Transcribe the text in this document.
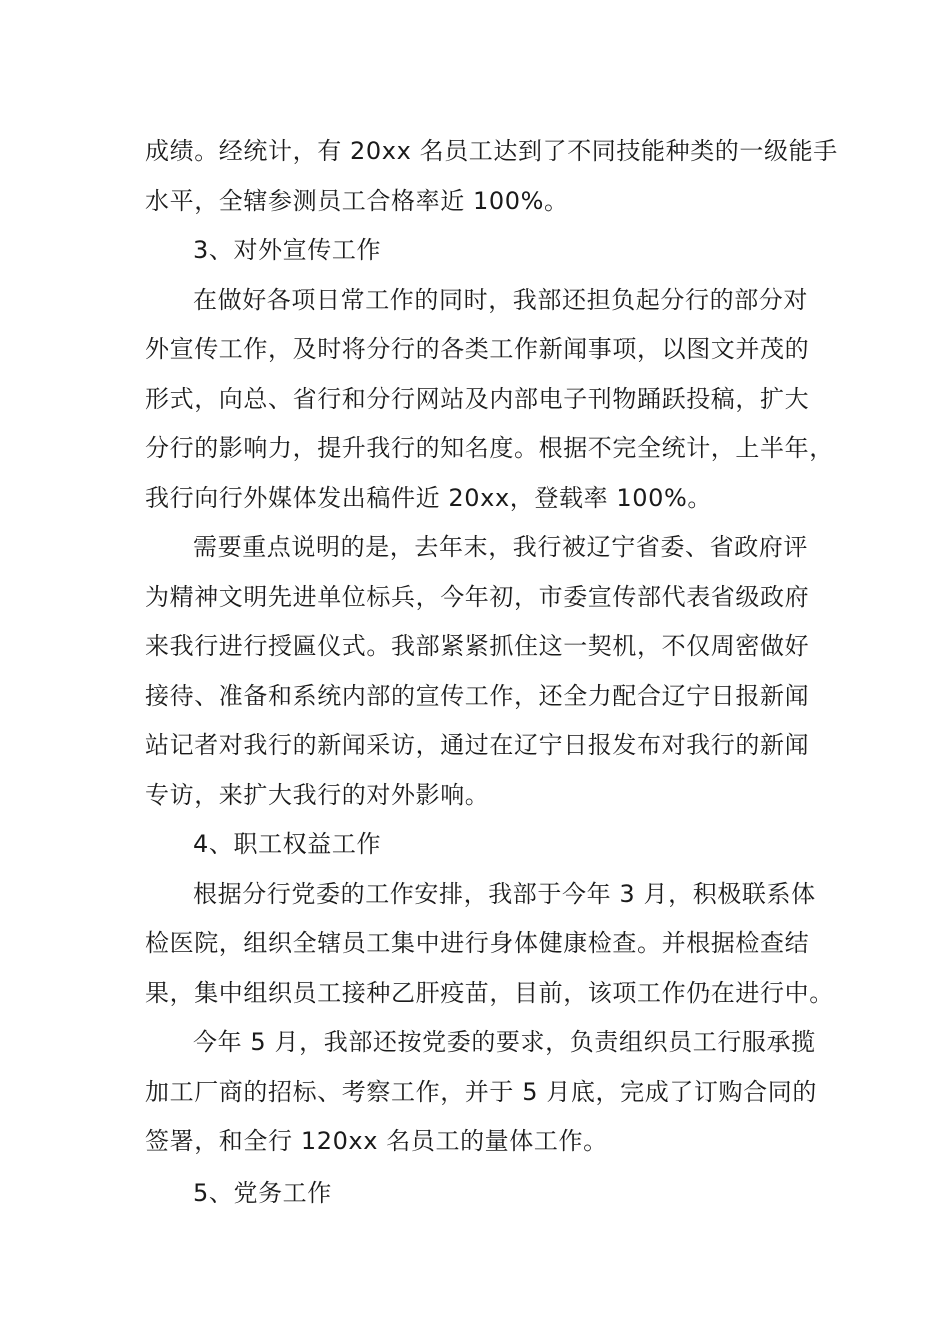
成绩。经统计，有 20xx 名员工达到了不同技能种类的一级能手
水平，全辖参测员工合格率近 100%。
3、对外宣传工作
在做好各项日常工作的同时，我部还担负起分行的部分对
外宣传工作，及时将分行的各类工作新闻事项，以图文并茂的
形式，向总、省行和分行网站及内部电子刊物踊跃投稿，扩大
分行的影响力，提升我行的知名度。根据不完全统计，上半年，
我行向行外媒体发出稿件近 20xx，登载率 100%。
需要重点说明的是，去年末，我行被辽宁省委、省政府评
为精神文明先进单位标兵，今年初，市委宣传部代表省级政府
来我行进行授匾仪式。我部紧紧抓住这一契机，不仅周密做好
接待、准备和系统内部的宣传工作，还全力配合辽宁日报新闻
站记者对我行的新闻采访，通过在辽宁日报发布对我行的新闻
专访，来扩大我行的对外影响。
4、职工权益工作
根据分行党委的工作安排，我部于今年 3 月，积极联系体
检医院，组织全辖员工集中进行身体健康检查。并根据检查结
果，集中组织员工接种乙肝疫苗，目前，该项工作仍在进行中。
今年 5 月，我部还按党委的要求，负责组织员工行服承揽
加工厂商的招标、考察工作，并于 5 月底，完成了订购合同的
签署，和全行 120xx 名员工的量体工作。
5、党务工作
